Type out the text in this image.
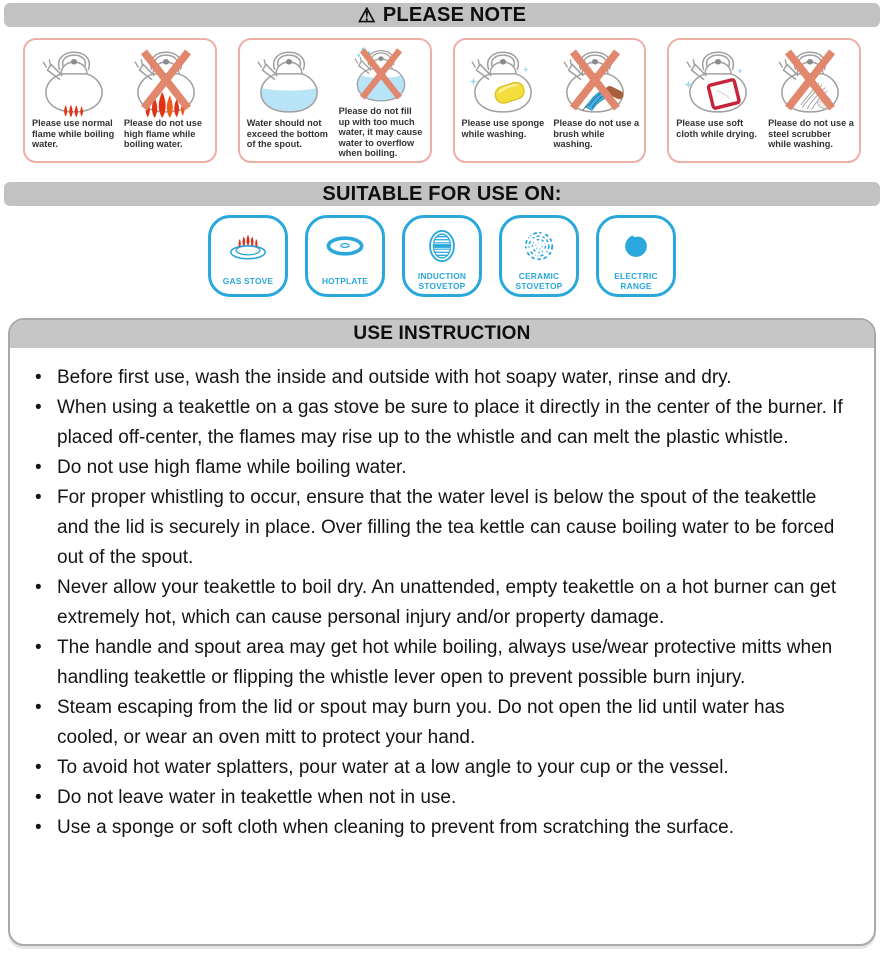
⚠ PLEASE NOTE
Please use normal flame while boiling water.
Please do not use high flame while boiling water.
Water should not exceed the bottom of the spout.
Please do not fill up with too much water, it may cause water to overflow when boiling.
Please use sponge while washing.
Please do not use a brush while washing.
Please use soft cloth while drying.
Please do not use a steel scrubber while washing.
SUITABLE FOR USE ON:
GAS STOVE	HOTPLATE	INDUCTION STOVETOP
CERAMIC STOVETOP
ELECTRIC RANGE
USE INSTRUCTION
• Before first use, wash the inside and outside with hot soapy water, rinse and dry.
• When using a teakettle on a gas stove be sure to place it directly in the center of the burner. If placed off-center, the flames may rise up to the whistle and can melt the plastic whistle.
• Do not use high flame while boiling water.
• For proper whistling to occur, ensure that the water level is below the spout of the teakettle and the lid is securely in place. Over filling the tea kettle can cause boiling water to be forced out of the spout.
• Never allow your teakettle to boil dry. An unattended, empty teakettle on a hot burner can get extremely hot, which can cause personal injury and/or property damage.
• The handle and spout area may get hot while boiling, always use/wear protective mitts when handling teakettle or flipping the whistle lever open to prevent possible burn injury.
• Steam escaping from the lid or spout may burn you. Do not open the lid until water has cooled, or wear an oven mitt to protect your hand.
• To avoid hot water splatters, pour water at a low angle to your cup or the vessel.
• Do not leave water in teakettle when not in use.
• Use a sponge or soft cloth when cleaning to prevent from scratching the surface.
